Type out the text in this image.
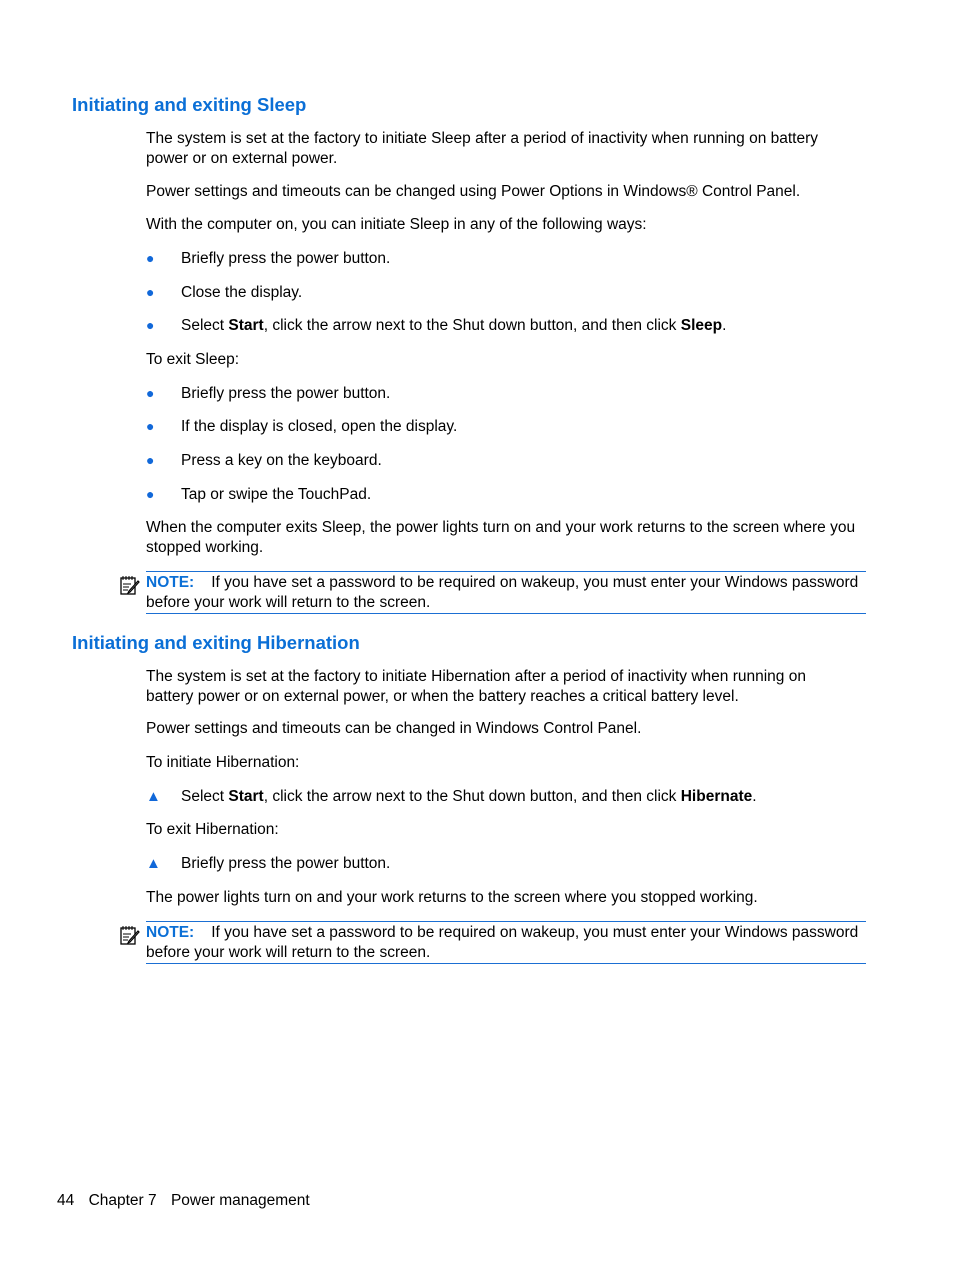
Initiating and exiting Sleep

The system is set at the factory to initiate Sleep after a period of inactivity when running on battery power or on external power.

Power settings and timeouts can be changed using Power Options in Windows® Control Panel.

With the computer on, you can initiate Sleep in any of the following ways:

●	Briefly press the power button.
●	Close the display.
●	Select Start, click the arrow next to the Shut down button, and then click Sleep.

To exit Sleep:

●	Briefly press the power button.
●	If the display is closed, open the display.
●	Press a key on the keyboard.
●	Tap or swipe the TouchPad.

When the computer exits Sleep, the power lights turn on and your work returns to the screen where you stopped working.

NOTE: If you have set a password to be required on wakeup, you must enter your Windows password before your work will return to the screen.
Initiating and exiting Hibernation

The system is set at the factory to initiate Hibernation after a period of inactivity when running on battery power or on external power, or when the battery reaches a critical battery level.

Power settings and timeouts can be changed in Windows Control Panel.

To initiate Hibernation:

▲ Select Start, click the arrow next to the Shut down button, and then click Hibernate.

To exit Hibernation:

▲ Briefly press the power button.

The power lights turn on and your work returns to the screen where you stopped working.

NOTE: If you have set a password to be required on wakeup, you must enter your Windows password before your work will return to the screen.
44 Chapter 7 Power management
